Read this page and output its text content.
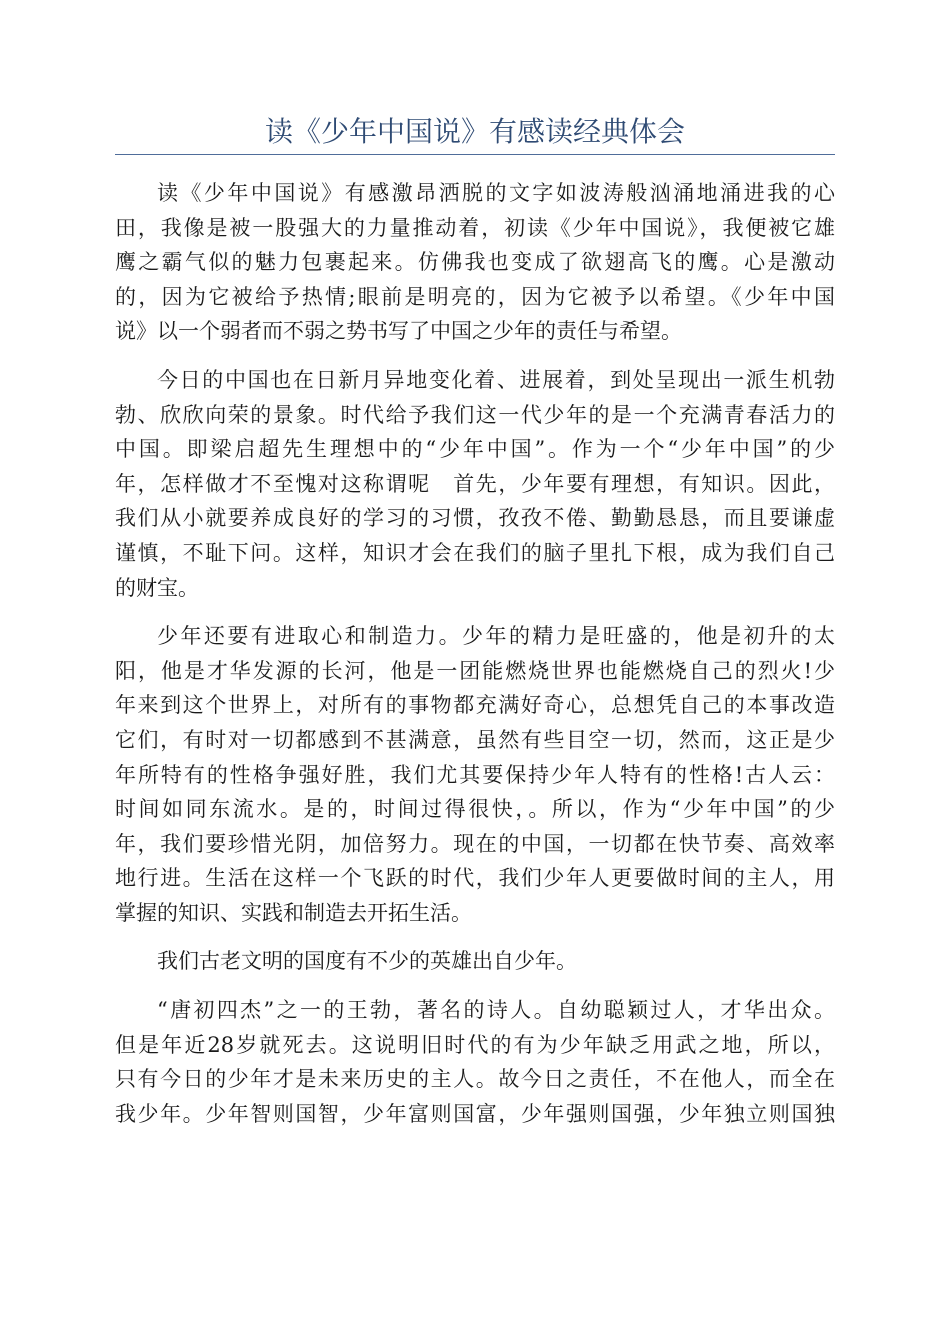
读《少年中国说》有感读经典体会
读《少年中国说》有感激昂洒脱的文字如波涛般汹涌地涌进我的心
田，我像是被一股强大的力量推动着，初读《少年中国说》，我便被它雄
鹰之霸气似的魅力包裹起来。仿佛我也变成了欲翅高飞的鹰。心是激动
的，因为它被给予热情;眼前是明亮的，因为它被予以希望。《少年中国
说》以一个弱者而不弱之势书写了中国之少年的责任与希望。
今日的中国也在日新月异地变化着、进展着，到处呈现出一派生机勃
勃、欣欣向荣的景象。时代给予我们这一代少年的是一个充满青春活力的
中国。即梁启超先生理想中的“少年中国”。作为一个“少年中国”的少
年，怎样做才不至愧对这称谓呢　首先，少年要有理想，有知识。因此，
我们从小就要养成良好的学习的习惯，孜孜不倦、勤勤恳恳，而且要谦虚
谨慎，不耻下问。这样，知识才会在我们的脑子里扎下根，成为我们自己
的财宝。
少年还要有进取心和制造力。少年的精力是旺盛的，他是初升的太
阳，他是才华发源的长河，他是一团能燃烧世界也能燃烧自己的烈火!少
年来到这个世界上，对所有的事物都充满好奇心，总想凭自己的本事改造
它们，有时对一切都感到不甚满意，虽然有些目空一切，然而，这正是少
年所特有的性格争强好胜，我们尤其要保持少年人特有的性格!古人云：
时间如同东流水。是的，时间过得很快，。所以，作为“少年中国”的少
年，我们要珍惜光阴，加倍努力。现在的中国，一切都在快节奏、高效率
地行进。生活在这样一个飞跃的时代，我们少年人更要做时间的主人，用
掌握的知识、实践和制造去开拓生活。
我们古老文明的国度有不少的英雄出自少年。
“唐初四杰”之一的王勃，著名的诗人。自幼聪颖过人，才华出众。
但是年近28岁就死去。这说明旧时代的有为少年缺乏用武之地，所以，
只有今日的少年才是未来历史的主人。故今日之责任，不在他人，而全在
我少年。少年智则国智，少年富则国富，少年强则国强，少年独立则国独
